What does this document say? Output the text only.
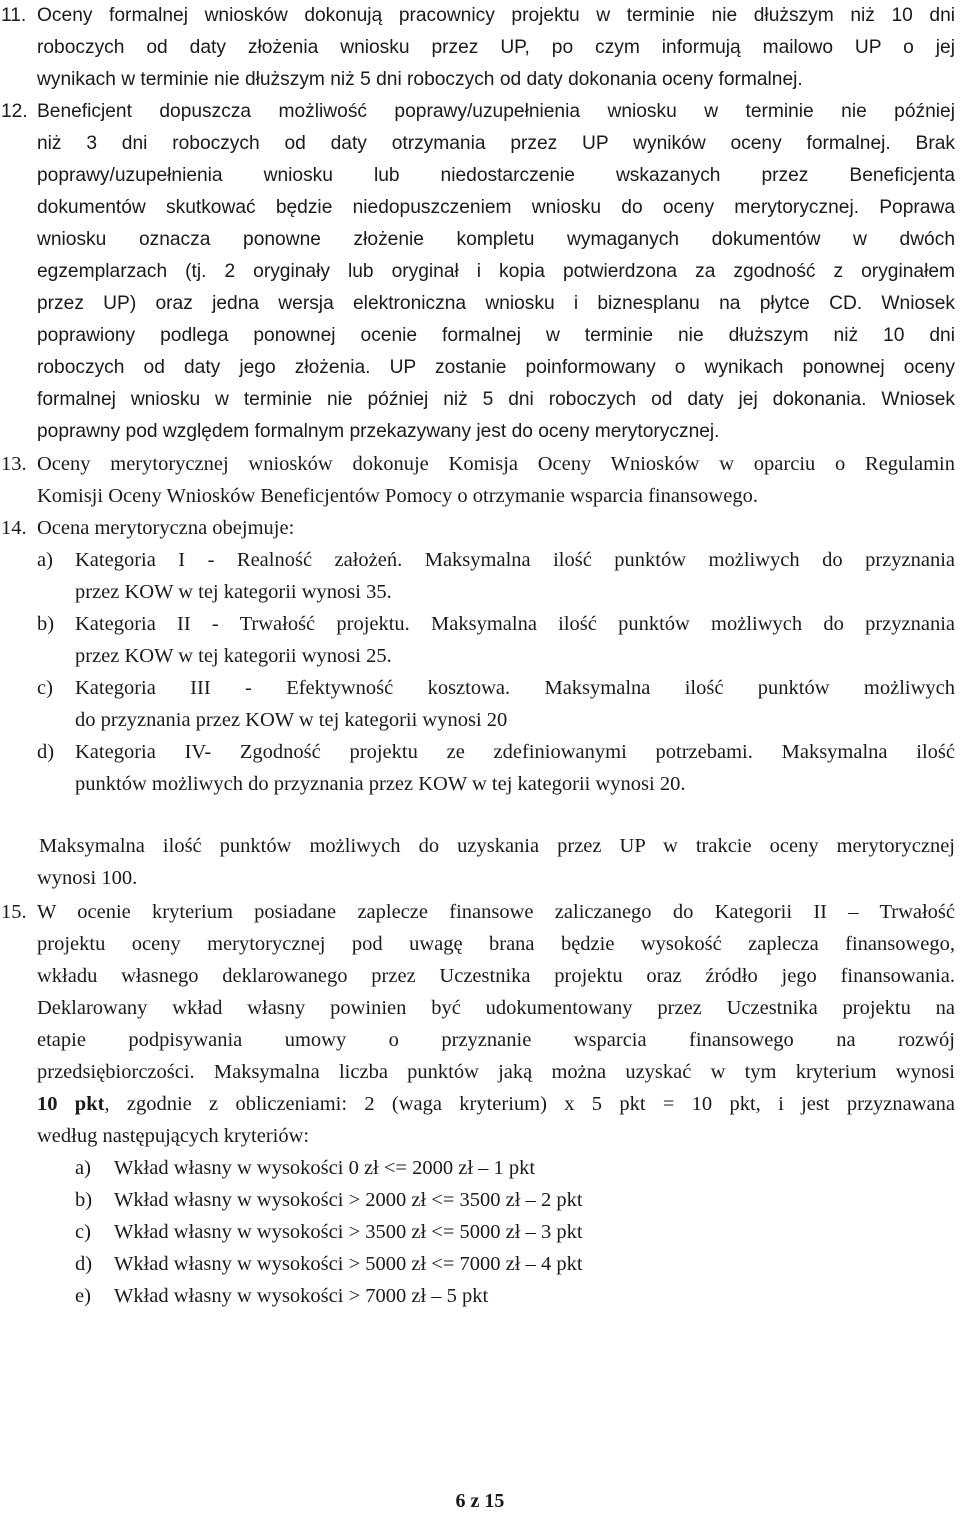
11. Oceny formalnej wniosków dokonują pracownicy projektu w terminie nie dłuższym niż 10 dni
roboczych od daty złożenia wniosku przez UP, po czym informują mailowo UP o jej
wynikach w terminie nie dłuższym niż 5 dni roboczych od daty dokonania oceny formalnej.
12. Beneficjent dopuszcza możliwość poprawy/uzupełnienia wniosku w terminie nie później
niż 3 dni roboczych od daty otrzymania przez UP wyników oceny formalnej. Brak
poprawy/uzupełnienia wniosku lub niedostarczenie wskazanych przez Beneficjenta
dokumentów skutkować będzie niedopuszczeniem wniosku do oceny merytorycznej. Poprawa
wniosku oznacza ponowne złożenie kompletu wymaganych dokumentów w dwóch
egzemplarzach (tj. 2 oryginały lub oryginał i kopia potwierdzona za zgodność z oryginałem
przez UP) oraz jedna wersja elektroniczna wniosku i biznesplanu na płytce CD. Wniosek
poprawiony podlega ponownej ocenie formalnej w terminie nie dłuższym niż 10 dni
roboczych od daty jego złożenia. UP zostanie poinformowany o wynikach ponownej oceny
formalnej wniosku w terminie nie później niż 5 dni roboczych od daty jej dokonania. Wniosek
poprawny pod względem formalnym przekazywany jest do oceny merytorycznej.
13. Oceny merytorycznej wniosków dokonuje Komisja Oceny Wniosków w oparciu o Regulamin
Komisji Oceny Wniosków Beneficjentów Pomocy o otrzymanie wsparcia finansowego.
14. Ocena merytoryczna obejmuje:
a)	Kategoria I - Realność założeń. Maksymalna ilość punktów możliwych do przyznania
przez KOW w tej kategorii wynosi 35.
b)	Kategoria II - Trwałość projektu. Maksymalna ilość punktów możliwych do przyznania
przez KOW w tej kategorii wynosi 25.
c)	Kategoria III - Efektywność kosztowa. Maksymalna ilość punktów możliwych
do przyznania przez KOW w tej kategorii wynosi 20
d)	Kategoria IV- Zgodność projektu ze zdefiniowanymi potrzebami. Maksymalna ilość
punktów możliwych do przyznania przez KOW w tej kategorii wynosi 20.
Maksymalna ilość punktów możliwych do uzyskania przez UP w trakcie oceny merytorycznej
wynosi 100.
15. W ocenie kryterium posiadane zaplecze finansowe zaliczanego do Kategorii II – Trwałość
projektu oceny merytorycznej pod uwagę brana będzie wysokość zaplecza finansowego,
wkładu własnego deklarowanego przez Uczestnika projektu oraz źródło jego finansowania.
Deklarowany wkład własny powinien być udokumentowany przez Uczestnika projektu na
etapie podpisywania umowy o przyznanie wsparcia finansowego na rozwój
przedsiębiorczości. Maksymalna liczba punktów jaką można uzyskać w tym kryterium wynosi
10 pkt, zgodnie z obliczeniami: 2 (waga kryterium) x 5 pkt = 10 pkt, i jest przyznawana
według następujących kryteriów:
a)	Wkład własny w wysokości 0 zł <= 2000 zł – 1 pkt
b)	Wkład własny w wysokości > 2000 zł <= 3500 zł – 2 pkt
c)	Wkład własny w wysokości > 3500 zł <= 5000 zł – 3 pkt
d)	Wkład własny w wysokości > 5000 zł <= 7000 zł – 4 pkt
e)	Wkład własny w wysokości > 7000 zł – 5 pkt
6 z 15
